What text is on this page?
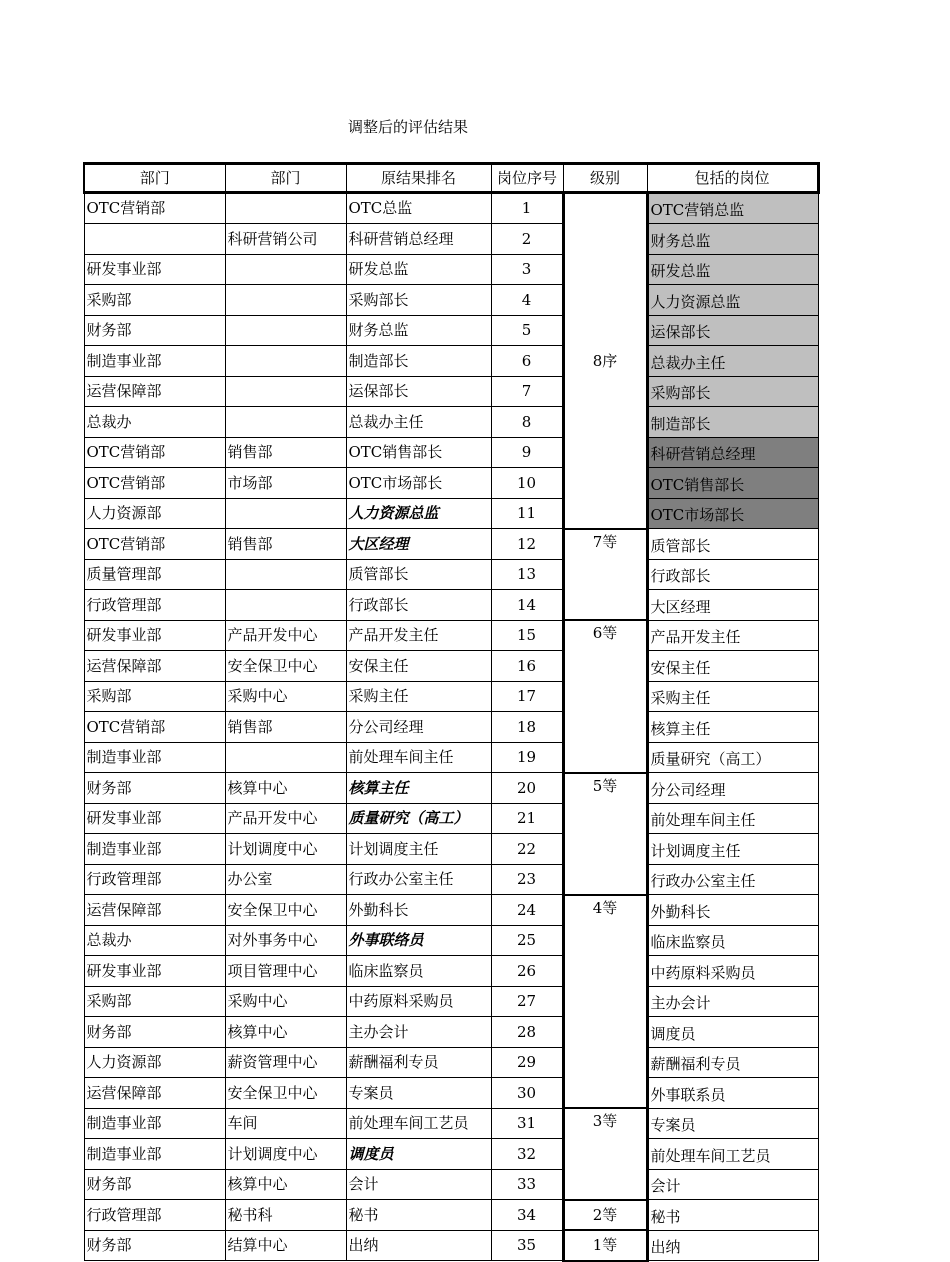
调整后的评估结果
部门	部门	原结果排名	岗位序号	级别	包括的岗位
OTC营销部		OTC总监	1	8序	OTC营销总监
	科研营销公司	科研营销总经理	2		财务总监
研发事业部		研发总监	3		研发总监
采购部		采购部长	4		人力资源总监
财务部		财务总监	5		运保部长
制造事业部		制造部长	6		总裁办主任
运营保障部		运保部长	7		采购部长
总裁办		总裁办主任	8		制造部长
OTC营销部	销售部	OTC销售部长	9		科研营销总经理
OTC营销部	市场部	OTC市场部长	10		OTC销售部长
人力资源部		人力资源总监	11		OTC市场部长
OTC营销部	销售部	大区经理	12	7等	质管部长
质量管理部		质管部长	13		行政部长
行政管理部		行政部长	14		大区经理
研发事业部	产品开发中心	产品开发主任	15	6等	产品开发主任
运营保障部	安全保卫中心	安保主任	16		安保主任
采购部	采购中心	采购主任	17		采购主任
OTC营销部	销售部	分公司经理	18		核算主任
制造事业部		前处理车间主任	19		质量研究（高工）
财务部	核算中心	核算主任	20	5等	分公司经理
研发事业部	产品开发中心	质量研究（高工）	21		前处理车间主任
制造事业部	计划调度中心	计划调度主任	22		计划调度主任
行政管理部	办公室	行政办公室主任	23		行政办公室主任
运营保障部	安全保卫中心	外勤科长	24	4等	外勤科长
总裁办	对外事务中心	外事联络员	25		临床监察员
研发事业部	项目管理中心	临床监察员	26		中药原料采购员
采购部	采购中心	中药原料采购员	27		主办会计
财务部	核算中心	主办会计	28		调度员
人力资源部	薪资管理中心	薪酬福利专员	29		薪酬福利专员
运营保障部	安全保卫中心	专案员	30		外事联系员
制造事业部	车间	前处理车间工艺员	31	3等	专案员
制造事业部	计划调度中心	调度员	32		前处理车间工艺员
财务部	核算中心	会计	33		会计
行政管理部	秘书科	秘书	34	2等	秘书
财务部	结算中心	出纳	35	1等	出纳
